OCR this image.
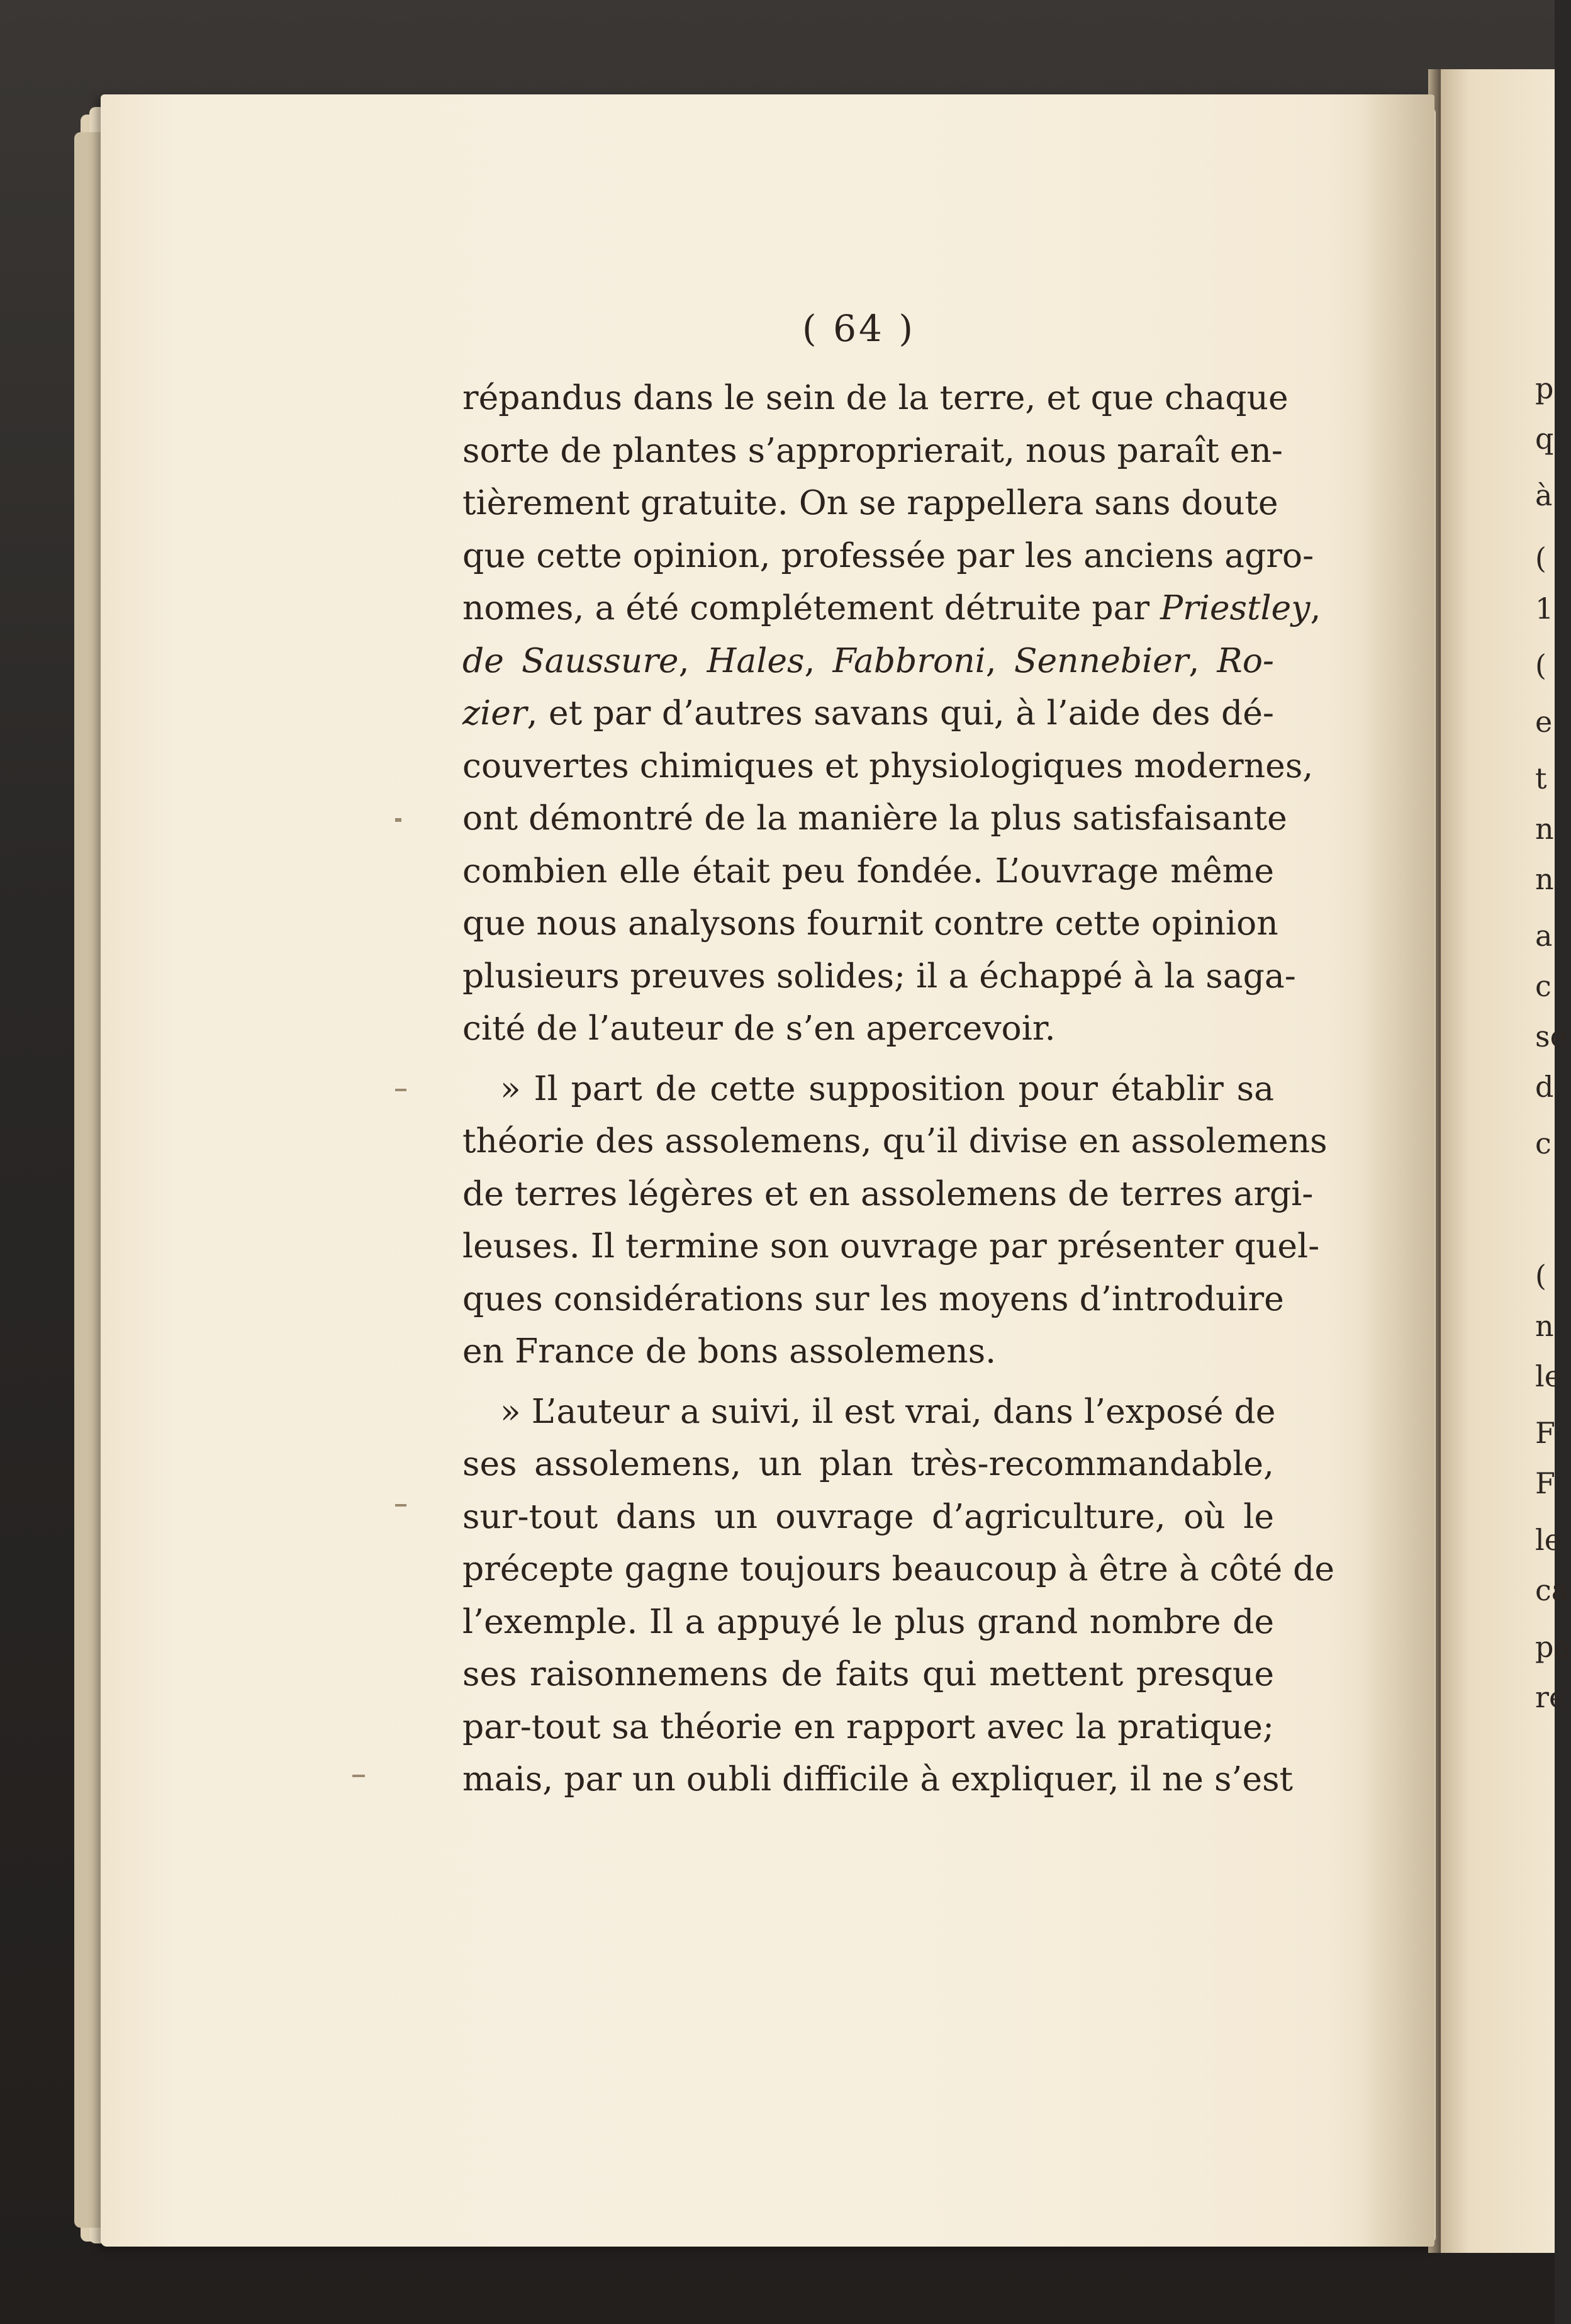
p
q
à
(
1
(
e
t
n
n
a
c
se
d
c
(
n
le
F
F
le
ca
pa
re
( 64 )
répandus dans le sein de la terre, et que chaque
sorte de plantes s’approprierait, nous paraît en-
tièrement gratuite. On se rappellera sans doute
que cette opinion, professée par les anciens agro-
nomes, a été complétement détruite par Priestley
de Saussure, Hales, Fabbroni, Sennebier, Ro-
zier, et par d’autres savans qui, à l’aide des dé-
couvertes chimiques et physiologiques modernes,
ont démontré de la manière la plus satisfaisante
combien elle était peu fondée. L’ouvrage même
que nous analysons fournit contre cette opinion
plusieurs preuves solides; il a échappé à la saga-
cité de l’auteur de s’en apercevoir.
» Il part de cette supposition pour établir sa
théorie des assolemens, qu’il divise en assolemens
de terres légères et en assolemens de terres argi-
leuses. Il termine son ouvrage par présenter quel-
ques considérations sur les moyens d’introduire
en France de bons assolemens.
» L’auteur a suivi, il est vrai, dans l’exposé de
ses assolemens, un plan très-recommandable,
sur-tout dans un ouvrage d’agriculture, où le
précepte gagne toujours beaucoup à être à côté de
l’exemple. Il a appuyé le plus grand nombre de
ses raisonnemens de faits qui mettent presque
par-tout sa théorie en rapport avec la pratique;
mais, par un oubli difficile à expliquer, il ne s’est
